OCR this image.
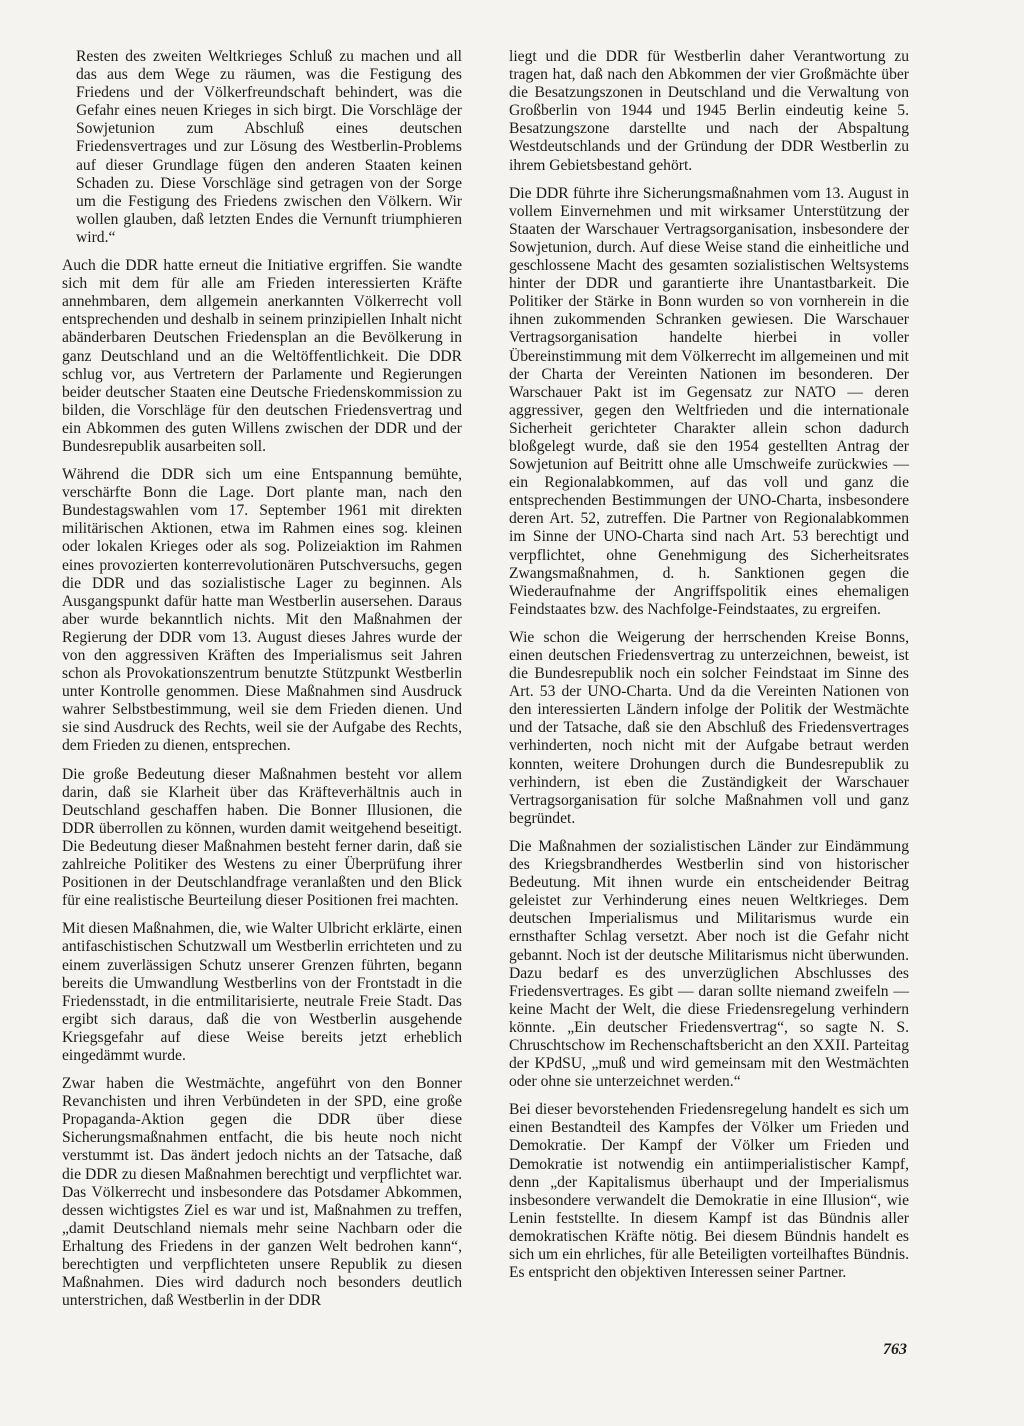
Resten des zweiten Weltkrieges Schluß zu machen und all das aus dem Wege zu räumen, was die Festigung des Friedens und der Völkerfreundschaft behindert, was die Gefahr eines neuen Krieges in sich birgt. Die Vorschläge der Sowjetunion zum Abschluß eines deutschen Friedensvertrages und zur Lösung des Westberlin-Problems auf dieser Grundlage fügen den anderen Staaten keinen Schaden zu. Diese Vorschläge sind getragen von der Sorge um die Festigung des Friedens zwischen den Völkern. Wir wollen glauben, daß letzten Endes die Vernunft triumphieren wird.“

Auch die DDR hatte erneut die Initiative ergriffen. Sie wandte sich mit dem für alle am Frieden interessierten Kräfte annehmbaren, dem allgemein anerkannten Völkerrecht voll entsprechenden und deshalb in seinem prinzipiellen Inhalt nicht abänderbaren Deutschen Friedensplan an die Bevölkerung in ganz Deutschland und an die Weltöffentlichkeit. Die DDR schlug vor, aus Vertretern der Parlamente und Regierungen beider deutscher Staaten eine Deutsche Friedenskommission zu bilden, die Vorschläge für den deutschen Friedensvertrag und ein Abkommen des guten Willens zwischen der DDR und der Bundesrepublik ausarbeiten soll.

Während die DDR sich um eine Entspannung bemühte, verschärfte Bonn die Lage. Dort plante man, nach den Bundestagswahlen vom 17. September 1961 mit direkten militärischen Aktionen, etwa im Rahmen eines sog. kleinen oder lokalen Krieges oder als sog. Polizeiaktion im Rahmen eines provozierten konterrevolutionären Putschversuchs, gegen die DDR und das sozialistische Lager zu beginnen. Als Ausgangspunkt dafür hatte man Westberlin ausersehen. Daraus aber wurde bekanntlich nichts. Mit den Maßnahmen der Regierung der DDR vom 13. August dieses Jahres wurde der von den aggressiven Kräften des Imperialismus seit Jahren schon als Provokationszentrum benutzte Stützpunkt Westberlin unter Kontrolle genommen. Diese Maßnahmen sind Ausdruck wahrer Selbstbestimmung, weil sie dem Frieden dienen. Und sie sind Ausdruck des Rechts, weil sie der Aufgabe des Rechts, dem Frieden zu dienen, entsprechen.

Die große Bedeutung dieser Maßnahmen besteht vor allem darin, daß sie Klarheit über das Kräfteverhältnis auch in Deutschland geschaffen haben. Die Bonner Illusionen, die DDR überrollen zu können, wurden damit weitgehend beseitigt. Die Bedeutung dieser Maßnahmen besteht ferner darin, daß sie zahlreiche Politiker des Westens zu einer Überprüfung ihrer Positionen in der Deutschlandfrage veranlaßten und den Blick für eine realistische Beurteilung dieser Positionen frei machten.

Mit diesen Maßnahmen, die, wie Walter Ulbricht erklärte, einen antifaschistischen Schutzwall um Westberlin errichteten und zu einem zuverlässigen Schutz unserer Grenzen führten, begann bereits die Umwandlung Westberlins von der Frontstadt in die Friedensstadt, in die entmilitarisierte, neutrale Freie Stadt. Das ergibt sich daraus, daß die von Westberlin ausgehende Kriegsgefahr auf diese Weise bereits jetzt erheblich eingedämmt wurde.

Zwar haben die Westmächte, angeführt von den Bonner Revanchisten und ihren Verbündeten in der SPD, eine große Propaganda-Aktion gegen die DDR über diese Sicherungsmaßnahmen entfacht, die bis heute noch nicht verstummt ist. Das ändert jedoch nichts an der Tatsache, daß die DDR zu diesen Maßnahmen berechtigt und verpflichtet war. Das Völkerrecht und insbesondere das Potsdamer Abkommen, dessen wichtigstes Ziel es war und ist, Maßnahmen zu treffen, „damit Deutschland niemals mehr seine Nachbarn oder die Erhaltung des Friedens in der ganzen Welt bedrohen kann“, berechtigten und verpflichteten unsere Republik zu diesen Maßnahmen. Dies wird dadurch noch besonders deutlich unterstrichen, daß Westberlin in der DDR

liegt und die DDR für Westberlin daher Verantwortung zu tragen hat, daß nach den Abkommen der vier Großmächte über die Besatzungszonen in Deutschland und die Verwaltung von Großberlin von 1944 und 1945 Berlin eindeutig keine 5. Besatzungszone darstellte und nach der Abspaltung Westdeutschlands und der Gründung der DDR Westberlin zu ihrem Gebietsbestand gehört.

Die DDR führte ihre Sicherungsmaßnahmen vom 13. August in vollem Einvernehmen und mit wirksamer Unterstützung der Staaten der Warschauer Vertragsorganisation, insbesondere der Sowjetunion, durch. Auf diese Weise stand die einheitliche und geschlossene Macht des gesamten sozialistischen Weltsystems hinter der DDR und garantierte ihre Unantastbarkeit. Die Politiker der Stärke in Bonn wurden so von vornherein in die ihnen zukommenden Schranken gewiesen. Die Warschauer Vertragsorganisation handelte hierbei in voller Übereinstimmung mit dem Völkerrecht im allgemeinen und mit der Charta der Vereinten Nationen im besonderen. Der Warschauer Pakt ist im Gegensatz zur NATO — deren aggressiver, gegen den Weltfrieden und die internationale Sicherheit gerichteter Charakter allein schon dadurch bloßgelegt wurde, daß sie den 1954 gestellten Antrag der Sowjetunion auf Beitritt ohne alle Umschweife zurückwies — ein Regionalabkommen, auf das voll und ganz die entsprechenden Bestimmungen der UNO-Charta, insbesondere deren Art. 52, zutreffen. Die Partner von Regionalabkommen im Sinne der UNO-Charta sind nach Art. 53 berechtigt und verpflichtet, ohne Genehmigung des Sicherheitsrates Zwangsmaßnahmen, d. h. Sanktionen gegen die Wiederaufnahme der Angriffspolitik eines ehemaligen Feindstaates bzw. des Nachfolge-Feindstaates, zu ergreifen.

Wie schon die Weigerung der herrschenden Kreise Bonns, einen deutschen Friedensvertrag zu unterzeichnen, beweist, ist die Bundesrepublik noch ein solcher Feindstaat im Sinne des Art. 53 der UNO-Charta. Und da die Vereinten Nationen von den interessierten Ländern infolge der Politik der Westmächte und der Tatsache, daß sie den Abschluß des Friedensvertrages verhinderten, noch nicht mit der Aufgabe betraut werden konnten, weitere Drohungen durch die Bundesrepublik zu verhindern, ist eben die Zuständigkeit der Warschauer Vertragsorganisation für solche Maßnahmen voll und ganz begründet.

Die Maßnahmen der sozialistischen Länder zur Eindämmung des Kriegsbrandherdes Westberlin sind von historischer Bedeutung. Mit ihnen wurde ein entscheidender Beitrag geleistet zur Verhinderung eines neuen Weltkrieges. Dem deutschen Imperialismus und Militarismus wurde ein ernsthafter Schlag versetzt. Aber noch ist die Gefahr nicht gebannt. Noch ist der deutsche Militarismus nicht überwunden. Dazu bedarf es des unverzüglichen Abschlusses des Friedensvertrages. Es gibt — daran sollte niemand zweifeln — keine Macht der Welt, die diese Friedensregelung verhindern könnte. „Ein deutscher Friedensvertrag“, so sagte N. S. Chruschtschow im Rechenschaftsbericht an den XXII. Parteitag der KPdSU, „muß und wird gemeinsam mit den Westmächten oder ohne sie unterzeichnet werden.“

Bei dieser bevorstehenden Friedensregelung handelt es sich um einen Bestandteil des Kampfes der Völker um Frieden und Demokratie. Der Kampf der Völker um Frieden und Demokratie ist notwendig ein antiimperialistischer Kampf, denn „der Kapitalismus überhaupt und der Imperialismus insbesondere verwandelt die Demokratie in eine Illusion“, wie Lenin feststellte. In diesem Kampf ist das Bündnis aller demokratischen Kräfte nötig. Bei diesem Bündnis handelt es sich um ein ehrliches, für alle Beteiligten vorteilhaftes Bündnis. Es entspricht den objektiven Interessen seiner Partner.

763
